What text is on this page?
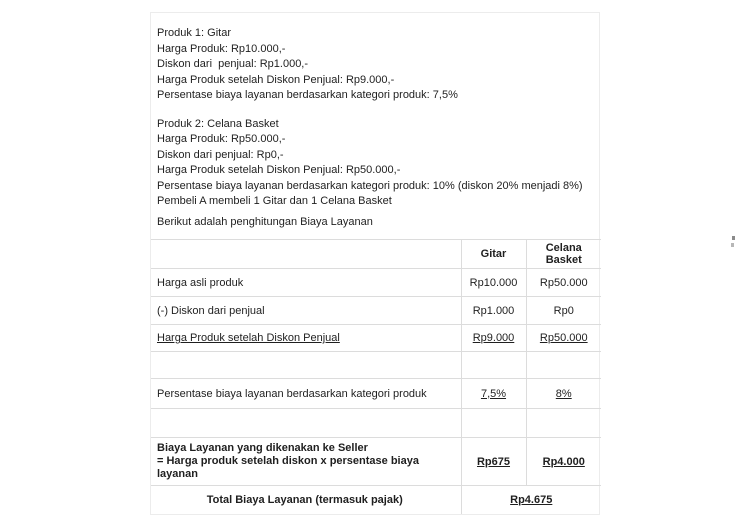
Produk 1: Gitar
Harga Produk: Rp10.000,-
Diskon dari  penjual: Rp1.000,-
Harga Produk setelah Diskon Penjual: Rp9.000,-
Persentase biaya layanan berdasarkan kategori produk: 7,5%
Produk 2: Celana Basket
Harga Produk: Rp50.000,-
Diskon dari penjual: Rp0,-
Harga Produk setelah Diskon Penjual: Rp50.000,-
Persentase biaya layanan berdasarkan kategori produk: 10% (diskon 20% menjadi 8%)
Pembeli A membeli 1 Gitar dan 1 Celana Basket
Berikut adalah penghitungan Biaya Layanan
	Gitar	Celana Basket
Harga asli produk	Rp10.000	Rp50.000
(-) Diskon dari penjual	Rp1.000	Rp0
Harga Produk setelah Diskon Penjual	Rp9.000	Rp50.000

Persentase biaya layanan berdasarkan kategori produk	7,5%	8%

Biaya Layanan yang dikenakan ke Seller
= Harga produk setelah diskon x persentase biaya layanan	Rp675	Rp4.000
Total Biaya Layanan (termasuk pajak)	Rp4.675	
